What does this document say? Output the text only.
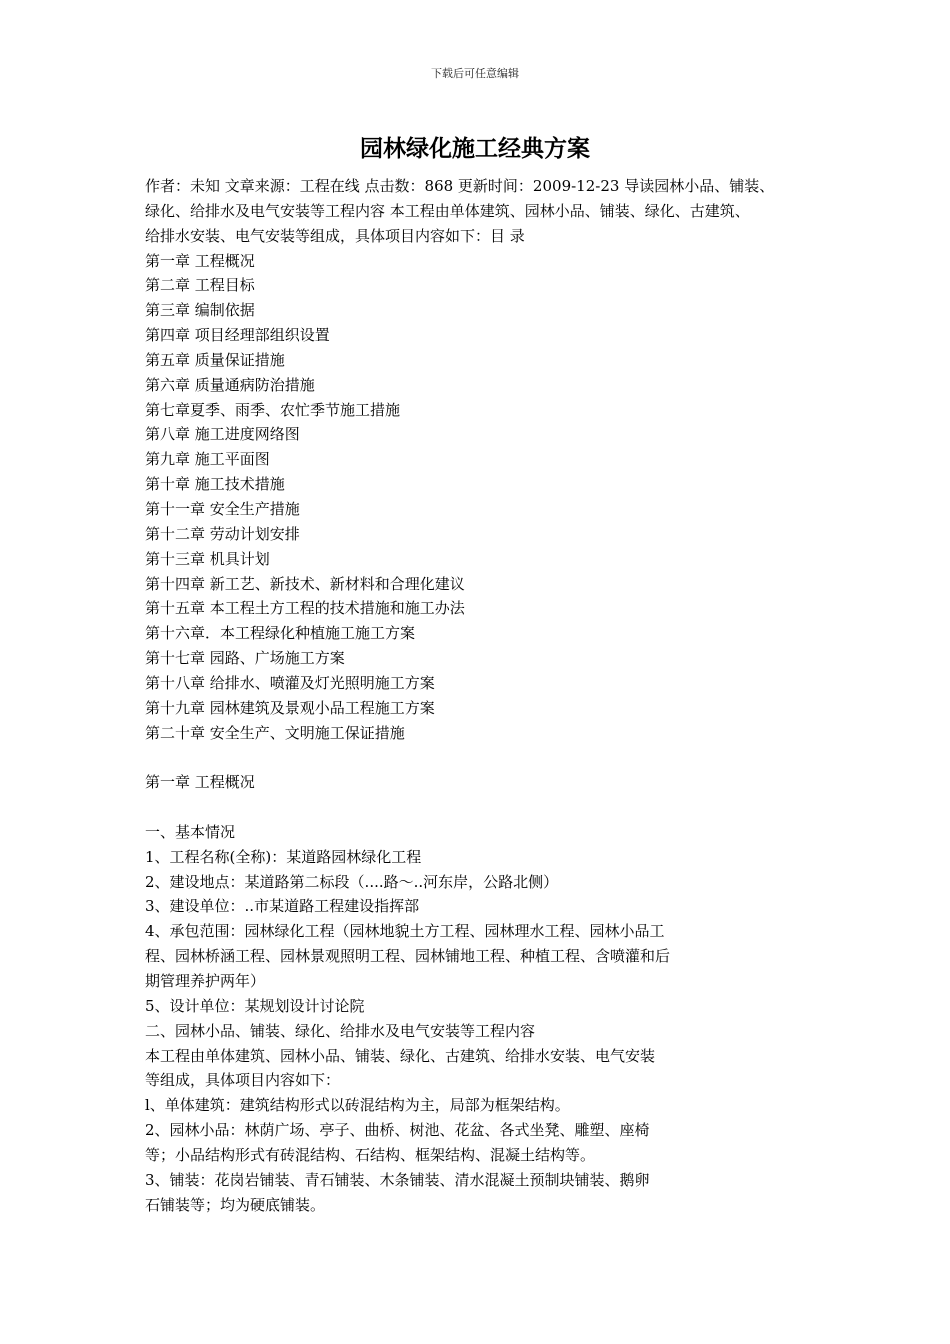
下载后可任意编辑
园林绿化施工经典方案
作者：未知 文章来源：工程在线 点击数：868 更新时间：2009-12-23 导读园林小品、铺装、
绿化、给排水及电气安装等工程内容 本工程由单体建筑、园林小品、铺装、绿化、古建筑、
给排水安装、电气安装等组成，具体项目内容如下：目 录
第一章 工程概况
第二章 工程目标
第三章 编制依据
第四章 项目经理部组织设置
第五章 质量保证措施
第六章 质量通病防治措施
第七章夏季、雨季、农忙季节施工措施
第八章 施工进度网络图
第九章 施工平面图
第十章 施工技术措施
第十一章 安全生产措施
第十二章 劳动计划安排
第十三章 机具计划
第十四章 新工艺、新技术、新材料和合理化建议
第十五章 本工程土方工程的技术措施和施工办法
第十六章．本工程绿化种植施工施工方案
第十七章 园路、广场施工方案
第十八章 给排水、喷灌及灯光照明施工方案
第十九章 园林建筑及景观小品工程施工方案
第二十章 安全生产、文明施工保证措施
第一章 工程概况
一、基本情况
1、工程名称(全称)：某道路园林绿化工程
2、建设地点：某道路第二标段（....路～..河东岸，公路北侧）
3、建设单位：..市某道路工程建设指挥部
4、承包范围：园林绿化工程（园林地貌土方工程、园林理水工程、园林小品工
程、园林桥涵工程、园林景观照明工程、园林铺地工程、种植工程、含喷灌和后
期管理养护两年）
5、设计单位：某规划设计讨论院
二、园林小品、铺装、绿化、给排水及电气安装等工程内容
本工程由单体建筑、园林小品、铺装、绿化、古建筑、给排水安装、电气安装
等组成，具体项目内容如下：
l、单体建筑：建筑结构形式以砖混结构为主，局部为框架结构。
2、园林小品：林荫广场、亭子、曲桥、树池、花盆、各式坐凳、雕塑、座椅
等；小品结构形式有砖混结构、石结构、框架结构、混凝土结构等。
3、铺装：花岗岩铺装、青石铺装、木条铺装、清水混凝土预制块铺装、鹅卵
石铺装等；均为硬底铺装。
